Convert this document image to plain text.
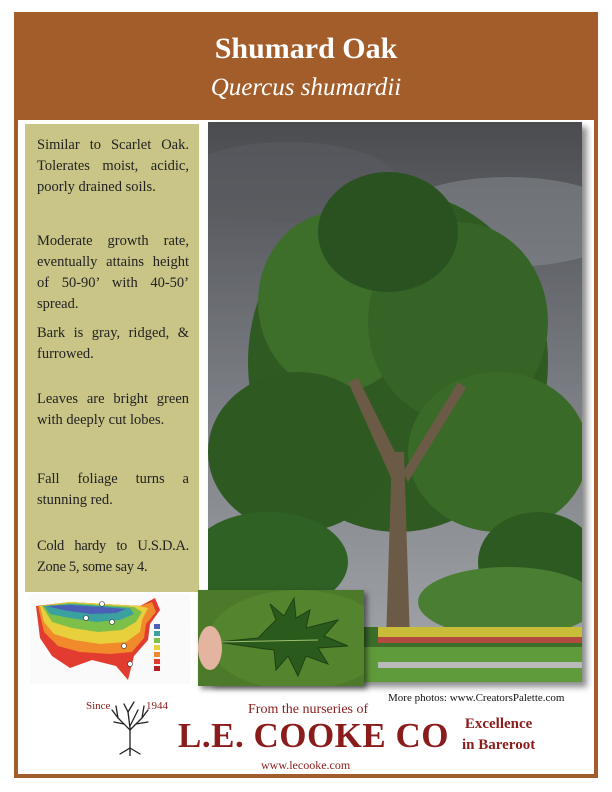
Shumard Oak
Quercus shumardii

Similar to Scarlet Oak. Tolerates moist, acidic, poorly drained soils.

Moderate growth rate, eventually attains height of 50-90’ with 40-50’ spread.

Bark is gray, ridged, & furrowed.

Leaves are bright green with deeply cut lobes.

Fall foliage turns a stunning red.

Cold hardy to U.S.D.A. Zone 5, some say 4.

More photos: www.CreatorsPalette.com
Since	1944	From the nurseries of
L.E. COOKE CO
www.lecooke.com
Excellence
in Bareroot
